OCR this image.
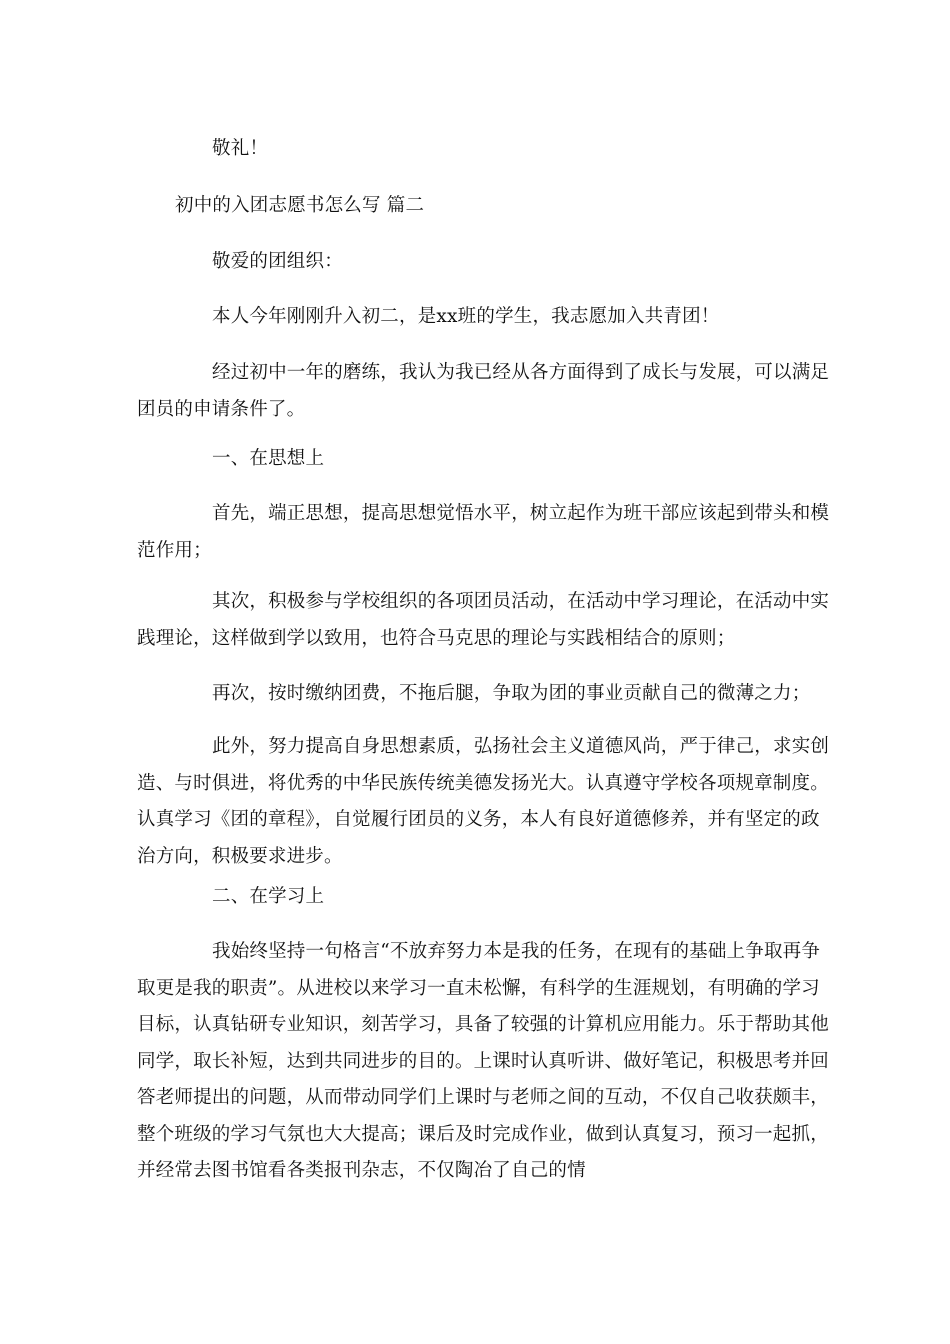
敬礼！
初中的入团志愿书怎么写 篇二
敬爱的团组织：
本人今年刚刚升入初二，是xx班的学生，我志愿加入共青团！
经过初中一年的磨练，我认为我已经从各方面得到了成长与发展，可以满足团员的申请条件了。
一、在思想上
首先，端正思想，提高思想觉悟水平，树立起作为班干部应该起到带头和模范作用；
其次，积极参与学校组织的各项团员活动，在活动中学习理论，在活动中实践理论，这样做到学以致用，也符合马克思的理论与实践相结合的原则；
再次，按时缴纳团费，不拖后腿，争取为团的事业贡献自己的微薄之力；
此外，努力提高自身思想素质，弘扬社会主义道德风尚，严于律己，求实创造、与时俱进，将优秀的中华民族传统美德发扬光大。认真遵守学校各项规章制度。认真学习《团的章程》，自觉履行团员的义务，本人有良好道德修养，并有坚定的政治方向，积极要求进步。
二、在学习上
我始终坚持一句格言“不放弃努力本是我的任务，在现有的基础上争取再争取更是我的职责”。从进校以来学习一直未松懈，有科学的生涯规划，有明确的学习目标，认真钻研专业知识，刻苦学习，具备了较强的计算机应用能力。乐于帮助其他同学，取长补短，达到共同进步的目的。上课时认真听讲、做好笔记，积极思考并回答老师提出的问题，从而带动同学们上课时与老师之间的互动，不仅自己收获颇丰，整个班级的学习气氛也大大提高；课后及时完成作业，做到认真复习，预习一起抓，并经常去图书馆看各类报刊杂志，不仅陶冶了自己的情
